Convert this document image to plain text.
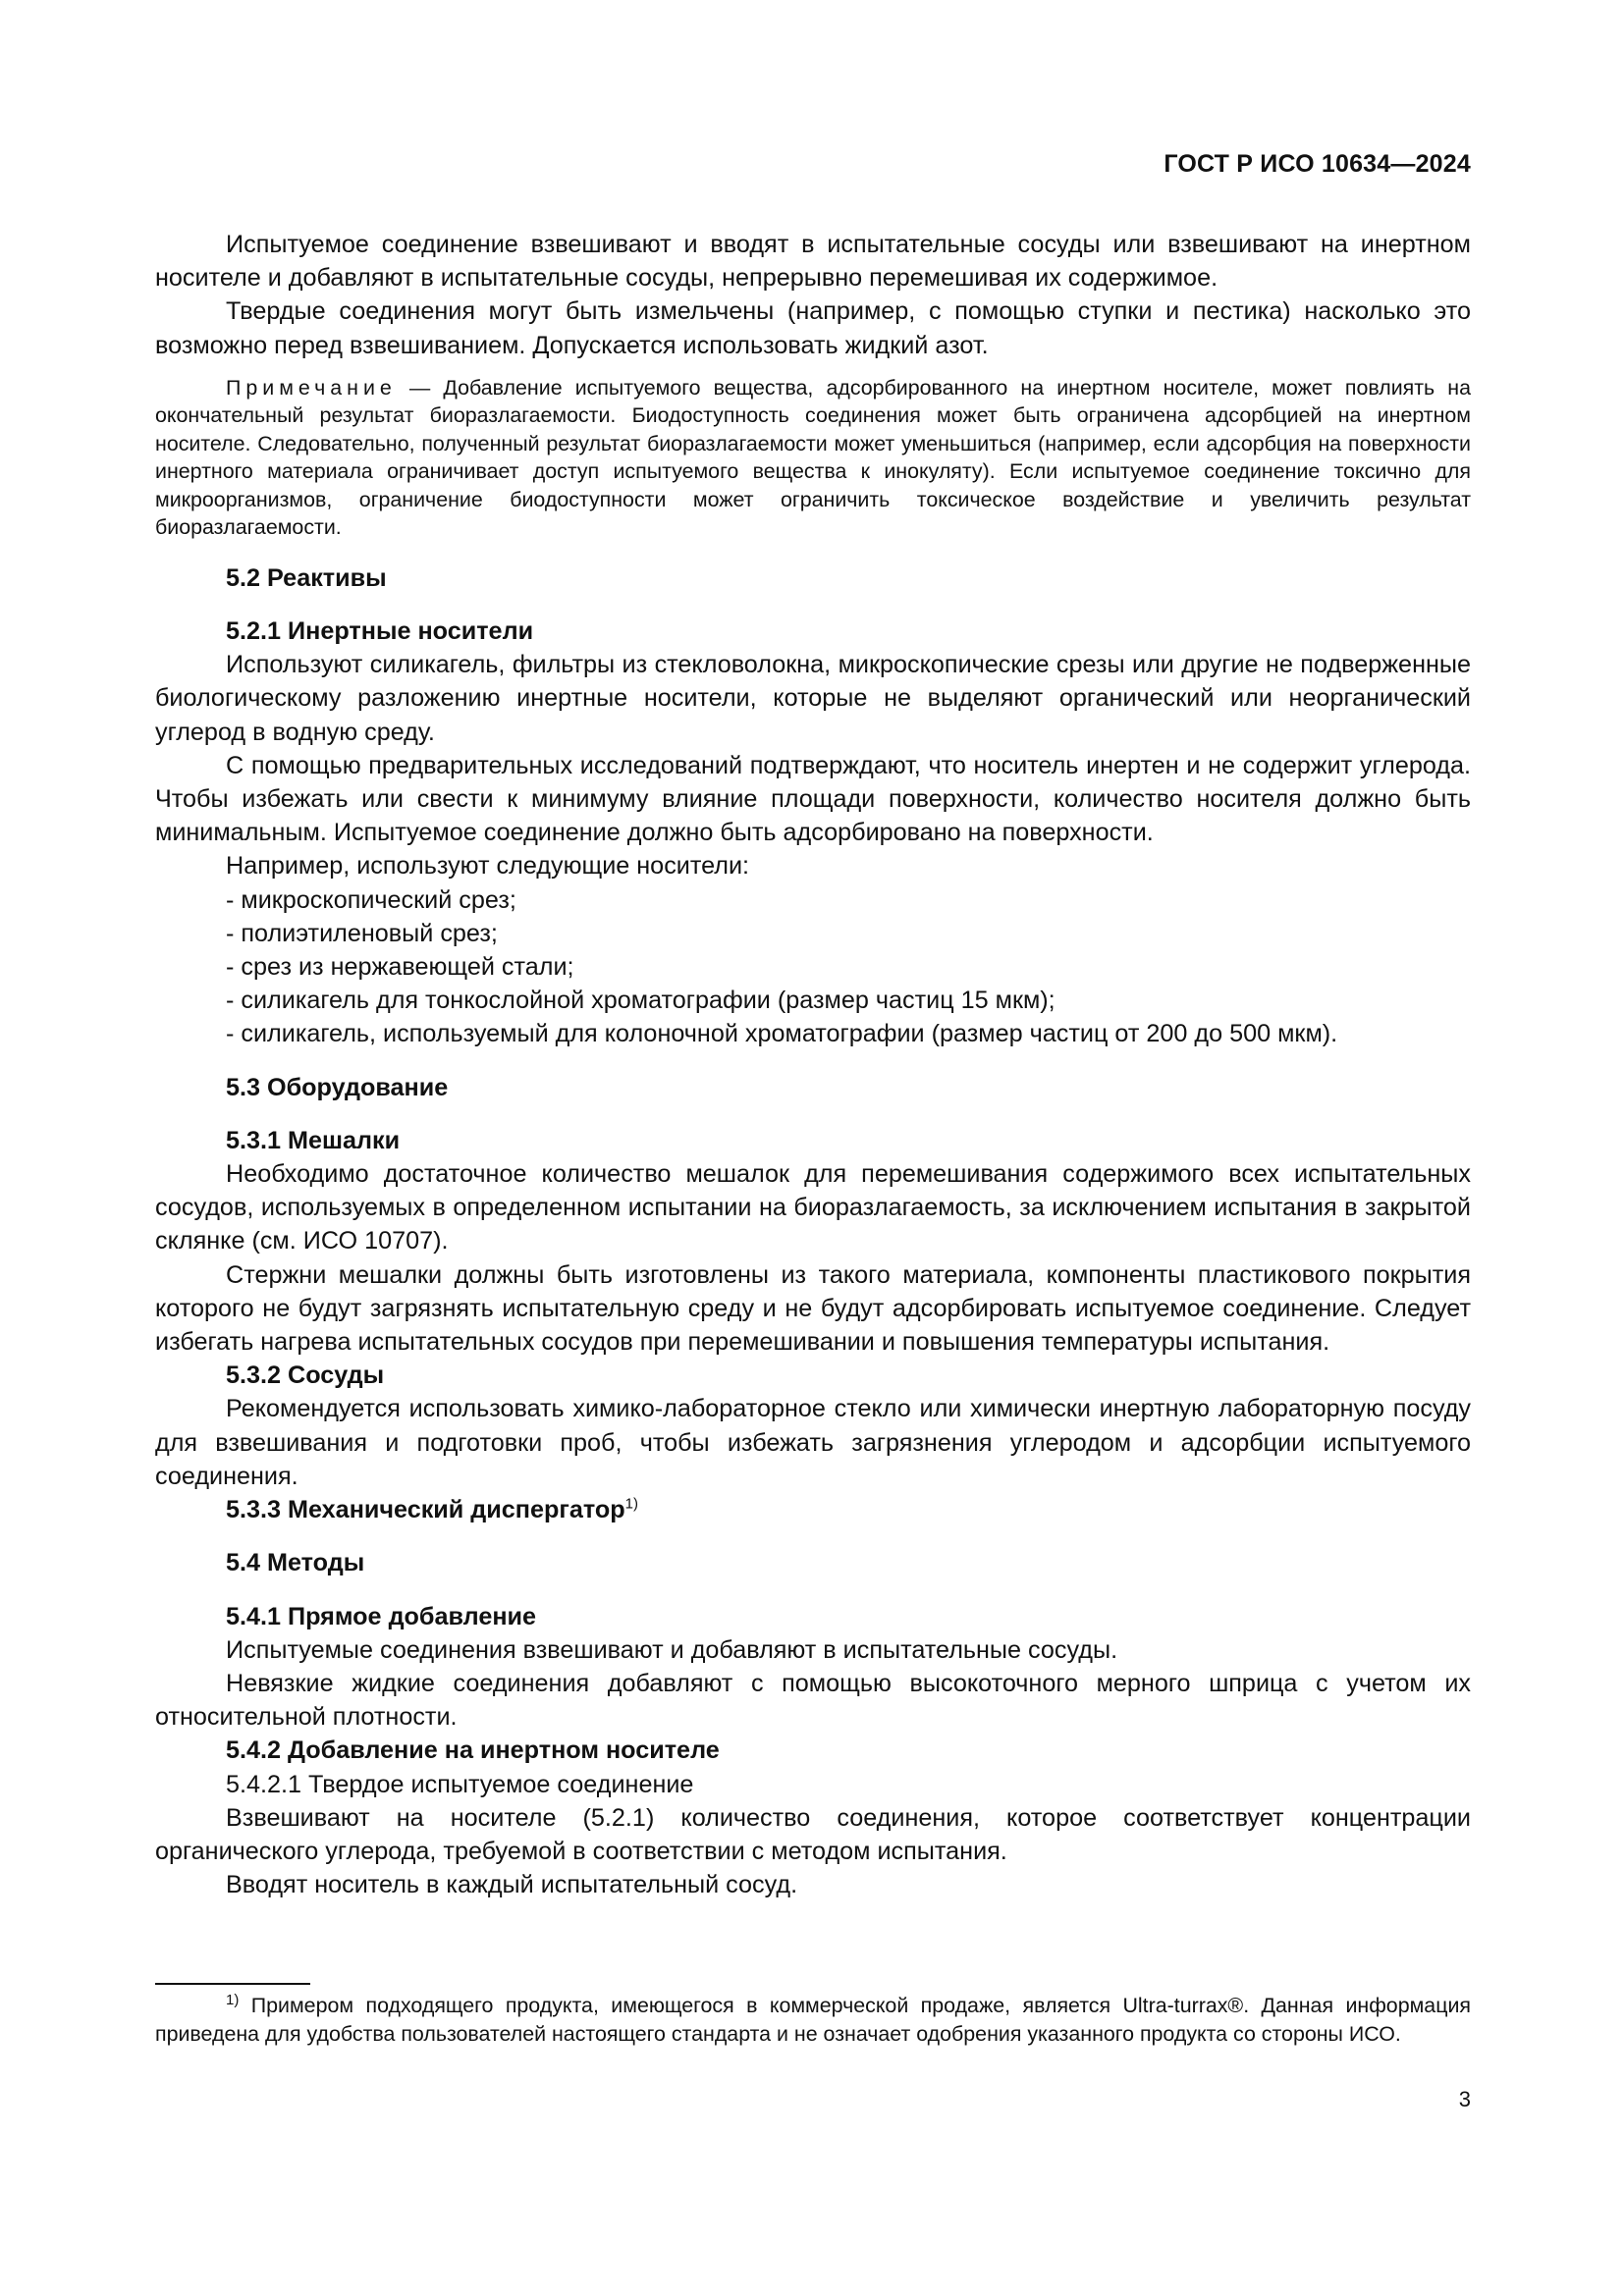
ГОСТ Р ИСО 10634—2024

Испытуемое соединение взвешивают и вводят в испытательные сосуды или взвешивают на инертном носителе и добавляют в испытательные сосуды, непрерывно перемешивая их содержимое.

Твердые соединения могут быть измельчены (например, с помощью ступки и пестика) насколько это возможно перед взвешиванием. Допускается использовать жидкий азот.

Примечание — Добавление испытуемого вещества, адсорбированного на инертном носителе, может повлиять на окончательный результат биоразлагаемости. Биодоступность соединения может быть ограничена адсорбцией на инертном носителе. Следовательно, полученный результат биоразлагаемости может уменьшиться (например, если адсорбция на поверхности инертного материала ограничивает доступ испытуемого вещества к инокуляту). Если испытуемое соединение токсично для микроорганизмов, ограничение биодоступности может ограничить токсическое воздействие и увеличить результат биоразлагаемости.

5.2 Реактивы

5.2.1 Инертные носители

Используют силикагель, фильтры из стекловолокна, микроскопические срезы или другие не подверженные биологическому разложению инертные носители, которые не выделяют органический или неорганический углерод в водную среду.

С помощью предварительных исследований подтверждают, что носитель инертен и не содержит углерода. Чтобы избежать или свести к минимуму влияние площади поверхности, количество носителя должно быть минимальным. Испытуемое соединение должно быть адсорбировано на поверхности.

Например, используют следующие носители:

- микроскопический срез;

- полиэтиленовый срез;

- срез из нержавеющей стали;

- силикагель для тонкослойной хроматографии (размер частиц 15 мкм);

- силикагель, используемый для колоночной хроматографии (размер частиц от 200 до 500 мкм).

5.3 Оборудование

5.3.1 Мешалки

Необходимо достаточное количество мешалок для перемешивания содержимого всех испытательных сосудов, используемых в определенном испытании на биоразлагаемость, за исключением испытания в закрытой склянке (см. ИСО 10707).

Стержни мешалки должны быть изготовлены из такого материала, компоненты пластикового покрытия которого не будут загрязнять испытательную среду и не будут адсорбировать испытуемое соединение. Следует избегать нагрева испытательных сосудов при перемешивании и повышения температуры испытания.

5.3.2 Сосуды

Рекомендуется использовать химико-лабораторное стекло или химически инертную лабораторную посуду для взвешивания и подготовки проб, чтобы избежать загрязнения углеродом и адсорбции испытуемого соединения.

5.3.3 Механический диспергатор$^{1)}$

5.4 Методы

5.4.1 Прямое добавление

Испытуемые соединения взвешивают и добавляют в испытательные сосуды.

Невязкие жидкие соединения добавляют с помощью высокоточного мерного шприца с учетом их относительной плотности.

5.4.2 Добавление на инертном носителе

5.4.2.1 Твердое испытуемое соединение

Взвешивают на носителе (5.2.1) количество соединения, которое соответствует концентрации органического углерода, требуемой в соответствии с методом испытания.

Вводят носитель в каждый испытательный сосуд.

$^{1)}$ Примером подходящего продукта, имеющегося в коммерческой продаже, является Ultra-turrax®. Данная информация приведена для удобства пользователей настоящего стандарта и не означает одобрения указанного продукта со стороны ИСО.

3
